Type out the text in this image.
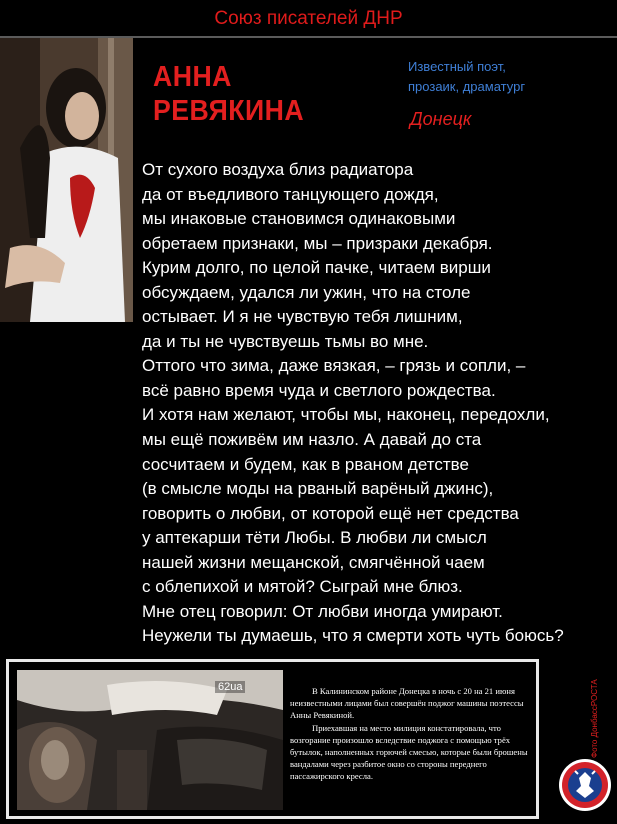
Союз писателей ДНР
АННА
РЕВЯКИНА
Известный поэт,
прозаик, драматург
Донецк
От сухого воздуха близ радиатора
да от въедливого танцующего дождя,
мы инаковые становимся одинаковыми
обретаем признаки, мы – призраки декабря.
Курим долго, по целой пачке, читаем вирши
обсуждаем, удался ли ужин, что на столе
остывает. И я не чувствую тебя лишним,
да и ты не чувствуешь тьмы во мне.
Оттого что зима, даже вязкая, – грязь и сопли, –
всё равно время чуда и светлого рождества.
И хотя нам желают, чтобы мы, наконец, передохли,
мы ещё поживём им назло. А давай до ста
сосчитаем и будем, как в рваном детстве
(в смысле моды на рваный варёный джинс),
говорить о любви, от которой ещё нет средства
у аптекарши тёти Любы. В любви ли смысл
нашей жизни мещанской, смягчённой чаем
с облепихой и мятой? Сыграй мне блюз.
Мне отец говорил: От любви иногда умирают.
Неужели ты думаешь, что я смерти хоть чуть боюсь?
62ua	В Калининском районе Донецка в ночь с 20 на 21 июня неизвестными лицами был совершён поджог машины поэтессы Анны Ревякиной.

Приехавшая на место милиция констатировала, что возгорание произошло вследствие поджога с помощью трёх бутылок, наполненных горючей смесью, которые были брошены вандалами через разбитое окно со стороны переднего пассажирского кресла.

Фото ДонбассРОСТА
